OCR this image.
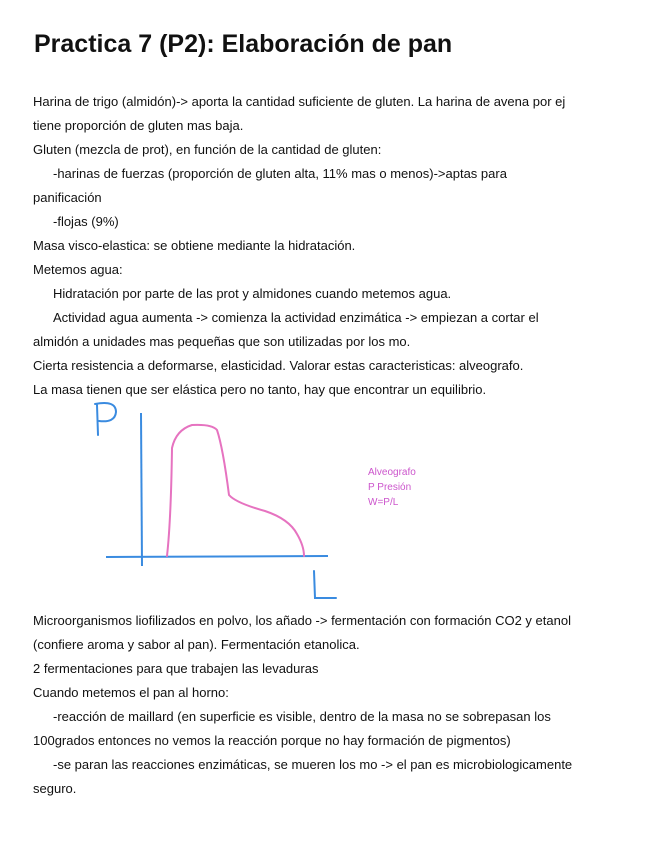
Practica 7 (P2): Elaboración de pan
Harina de trigo (almidón)-> aporta la cantidad suficiente de gluten. La harina de avena por ej
tiene proporción de gluten mas baja.
Gluten (mezcla de prot), en función de la cantidad de gluten:
-harinas de fuerzas (proporción de gluten alta, 11% mas o menos)->aptas para
panificación
-flojas (9%)
Masa visco-elastica: se obtiene mediante la hidratación.
Metemos agua:
Hidratación por parte de las prot y almidones cuando metemos agua.
Actividad agua aumenta -> comienza la actividad enzimática -> empiezan a cortar el
almidón a unidades mas pequeñas que son utilizadas por los mo.
Cierta resistencia a deformarse, elasticidad. Valorar estas caracteristicas: alveografo.
La masa tienen que ser elástica pero no tanto, hay que encontrar un equilibrio.
Alveografo
P Presión
W=P/L
Microorganismos liofilizados en polvo, los añado -> fermentación con formación CO2 y etanol
(confiere aroma y sabor al pan). Fermentación etanolica.
2 fermentaciones para que trabajen las levaduras
Cuando metemos el pan al horno:
-reacción de maillard (en superficie es visible, dentro de la masa no se sobrepasan los
100grados entonces no vemos la reacción porque no hay formación de pigmentos)
-se paran las reacciones enzimáticas, se mueren los mo -> el pan es microbiologicamente
seguro.
